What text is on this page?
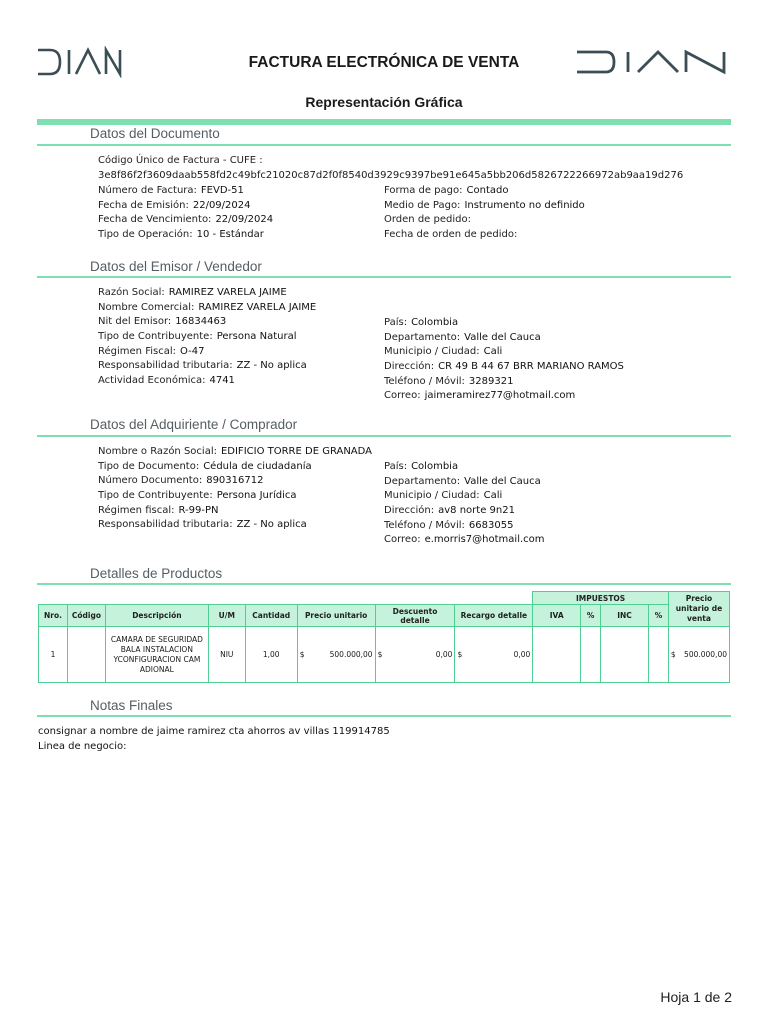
FACTURA ELECTRÓNICA DE VENTA
Representación Gráfica
Datos del Documento
Código Único de Factura - CUFE :
3e8f86f2f3609daab558fd2c49bfc21020c87d2f0f8540d3929c9397be91e645a5bb206d5826722266972ab9aa19d276
Número de Factura: FEVD-51
Fecha de Emisión: 22/09/2024
Fecha de Vencimiento: 22/09/2024
Tipo de Operación: 10 - Estándar
Forma de pago: Contado
Medio de Pago: Instrumento no definido
Orden de pedido:
Fecha de orden de pedido:
Datos del Emisor / Vendedor
Razón Social: RAMIREZ VARELA JAIME
Nombre Comercial: RAMIREZ VARELA JAIME
Nit del Emisor: 16834463
Tipo de Contribuyente: Persona Natural
Régimen Fiscal: O-47
Responsabilidad tributaria: ZZ - No aplica
Actividad Económica: 4741
País: Colombia
Departamento: Valle del Cauca
Municipio / Ciudad: Cali
Dirección: CR 49 B 44 67 BRR MARIANO RAMOS
Teléfono / Móvil: 3289321
Correo: jaimeramirez77@hotmail.com
Datos del Adquiriente / Comprador
Nombre o Razón Social: EDIFICIO TORRE DE GRANADA
Tipo de Documento: Cédula de ciudadanía
Número Documento: 890316712
Tipo de Contribuyente: Persona Jurídica
Régimen fiscal: R-99-PN
Responsabilidad tributaria: ZZ - No aplica
País: Colombia
Departamento: Valle del Cauca
Municipio / Ciudad: Cali
Dirección: av8 norte 9n21
Teléfono / Móvil: 6683055
Correo: e.morris7@hotmail.com
Detalles de Productos
								IMPUESTOS				Precio unitario de venta
Nro.	Código	Descripción	U/M	Cantidad	Precio unitario	Descuento detalle	Recargo detalle	IVA	%	INC	%	
1		CAMARA DE SEGURIDAD BALA INSTALACION YCONFIGURACION CAM ADIONAL	NIU	1,00	$ 500.000,00	$ 0,00	$ 0,00					$ 500.000,00
Notas Finales
consignar a nombre de jaime ramirez cta ahorros av villas 119914785
Linea de negocio:
Hoja 1 de 2
